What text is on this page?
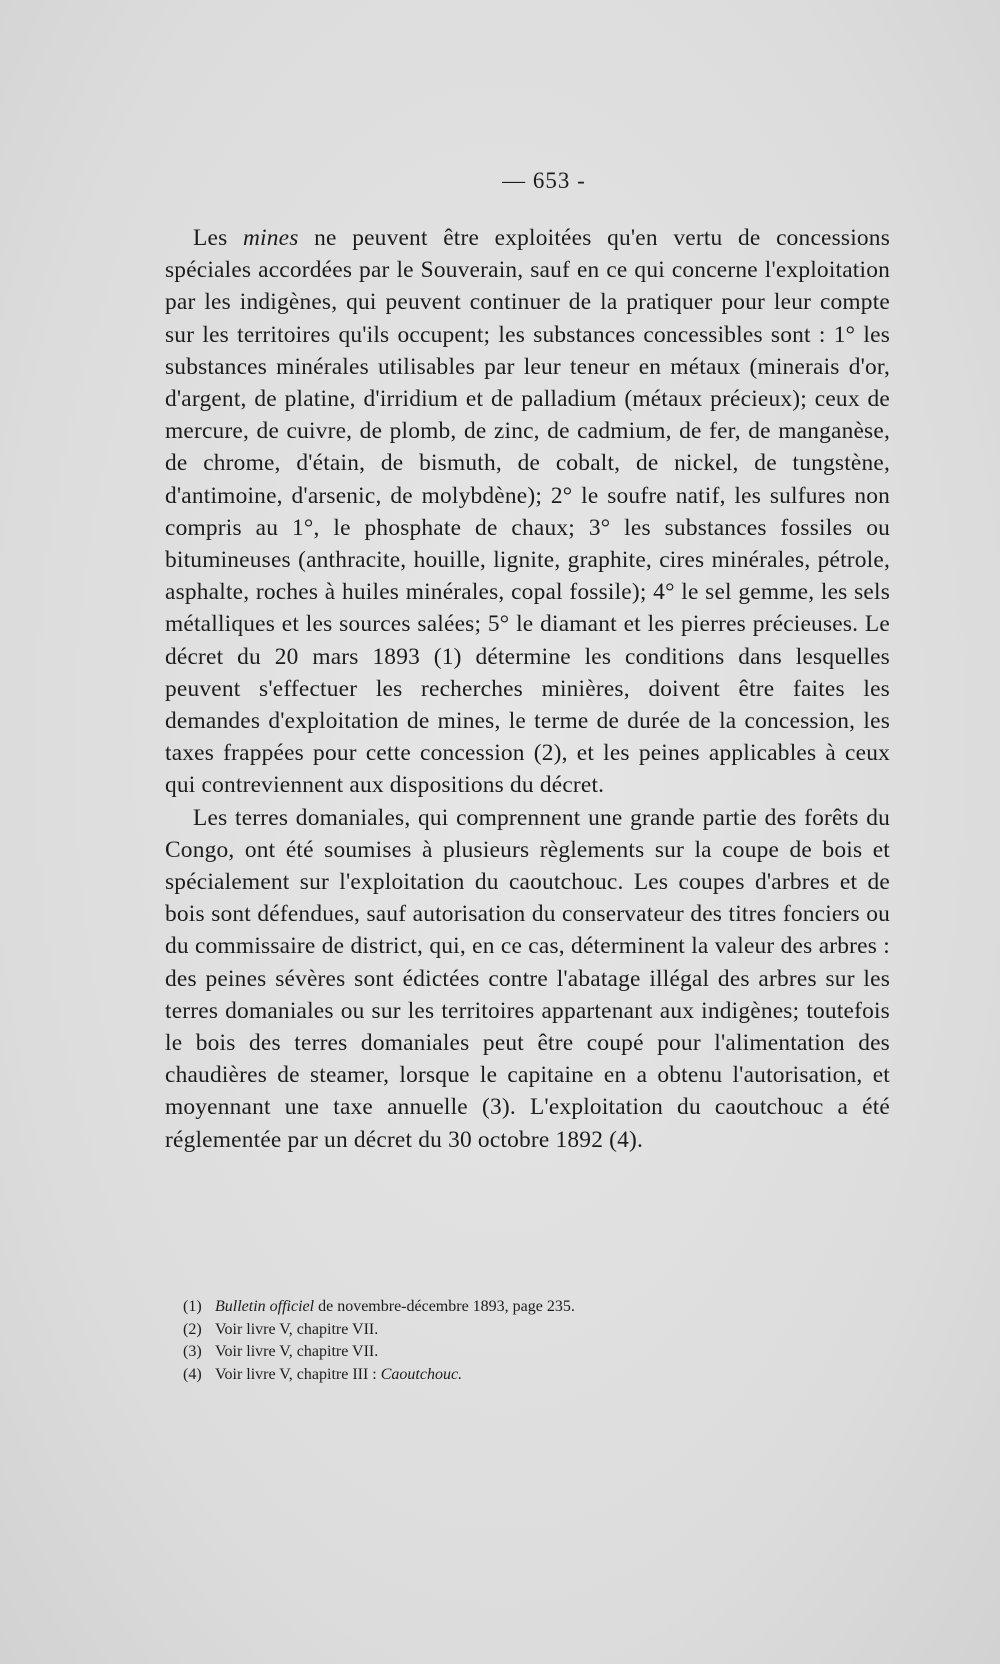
— 653 -

Les mines ne peuvent être exploitées qu'en vertu de concessions spéciales accordées par le Souverain, sauf en ce qui concerne l'exploitation par les indigènes, qui peuvent continuer de la pratiquer pour leur compte sur les territoires qu'ils occupent; les substances concessibles sont : 1° les substances minérales utilisables par leur teneur en métaux (minerais d'or, d'argent, de platine, d'irridium et de palladium (métaux précieux); ceux de mercure, de cuivre, de plomb, de zinc, de cadmium, de fer, de manganèse, de chrome, d'étain, de bismuth, de cobalt, de nickel, de tungstène, d'antimoine, d'arsenic, de molybdène); 2° le soufre natif, les sulfures non compris au 1°, le phosphate de chaux; 3° les substances fossiles ou bitumineuses (anthracite, houille, lignite, graphite, cires minérales, pétrole, asphalte, roches à huiles minérales, copal fossile); 4° le sel gemme, les sels métalliques et les sources salées; 5° le diamant et les pierres précieuses. Le décret du 20 mars 1893 (1) détermine les conditions dans lesquelles peuvent s'effectuer les recherches minières, doivent être faites les demandes d'exploitation de mines, le terme de durée de la concession, les taxes frappées pour cette concession (2), et les peines applicables à ceux qui contreviennent aux dispositions du décret.

Les terres domaniales, qui comprennent une grande partie des forêts du Congo, ont été soumises à plusieurs règlements sur la coupe de bois et spécialement sur l'exploitation du caoutchouc. Les coupes d'arbres et de bois sont défendues, sauf autorisation du conservateur des titres fonciers ou du commissaire de district, qui, en ce cas, déterminent la valeur des arbres : des peines sévères sont édictées contre l'abatage illégal des arbres sur les terres domaniales ou sur les territoires appartenant aux indigènes; toutefois le bois des terres domaniales peut être coupé pour l'alimentation des chaudières de steamer, lorsque le capitaine en a obtenu l'autorisation, et moyennant une taxe annuelle (3). L'exploitation du caoutchouc a été réglementée par un décret du 30 octobre 1892 (4).

(1) Bulletin officiel de novembre-décembre 1893, page 235.
(2) Voir livre V, chapitre VII.
(3) Voir livre V, chapitre VII.
(4) Voir livre V, chapitre III : Caoutchouc.
